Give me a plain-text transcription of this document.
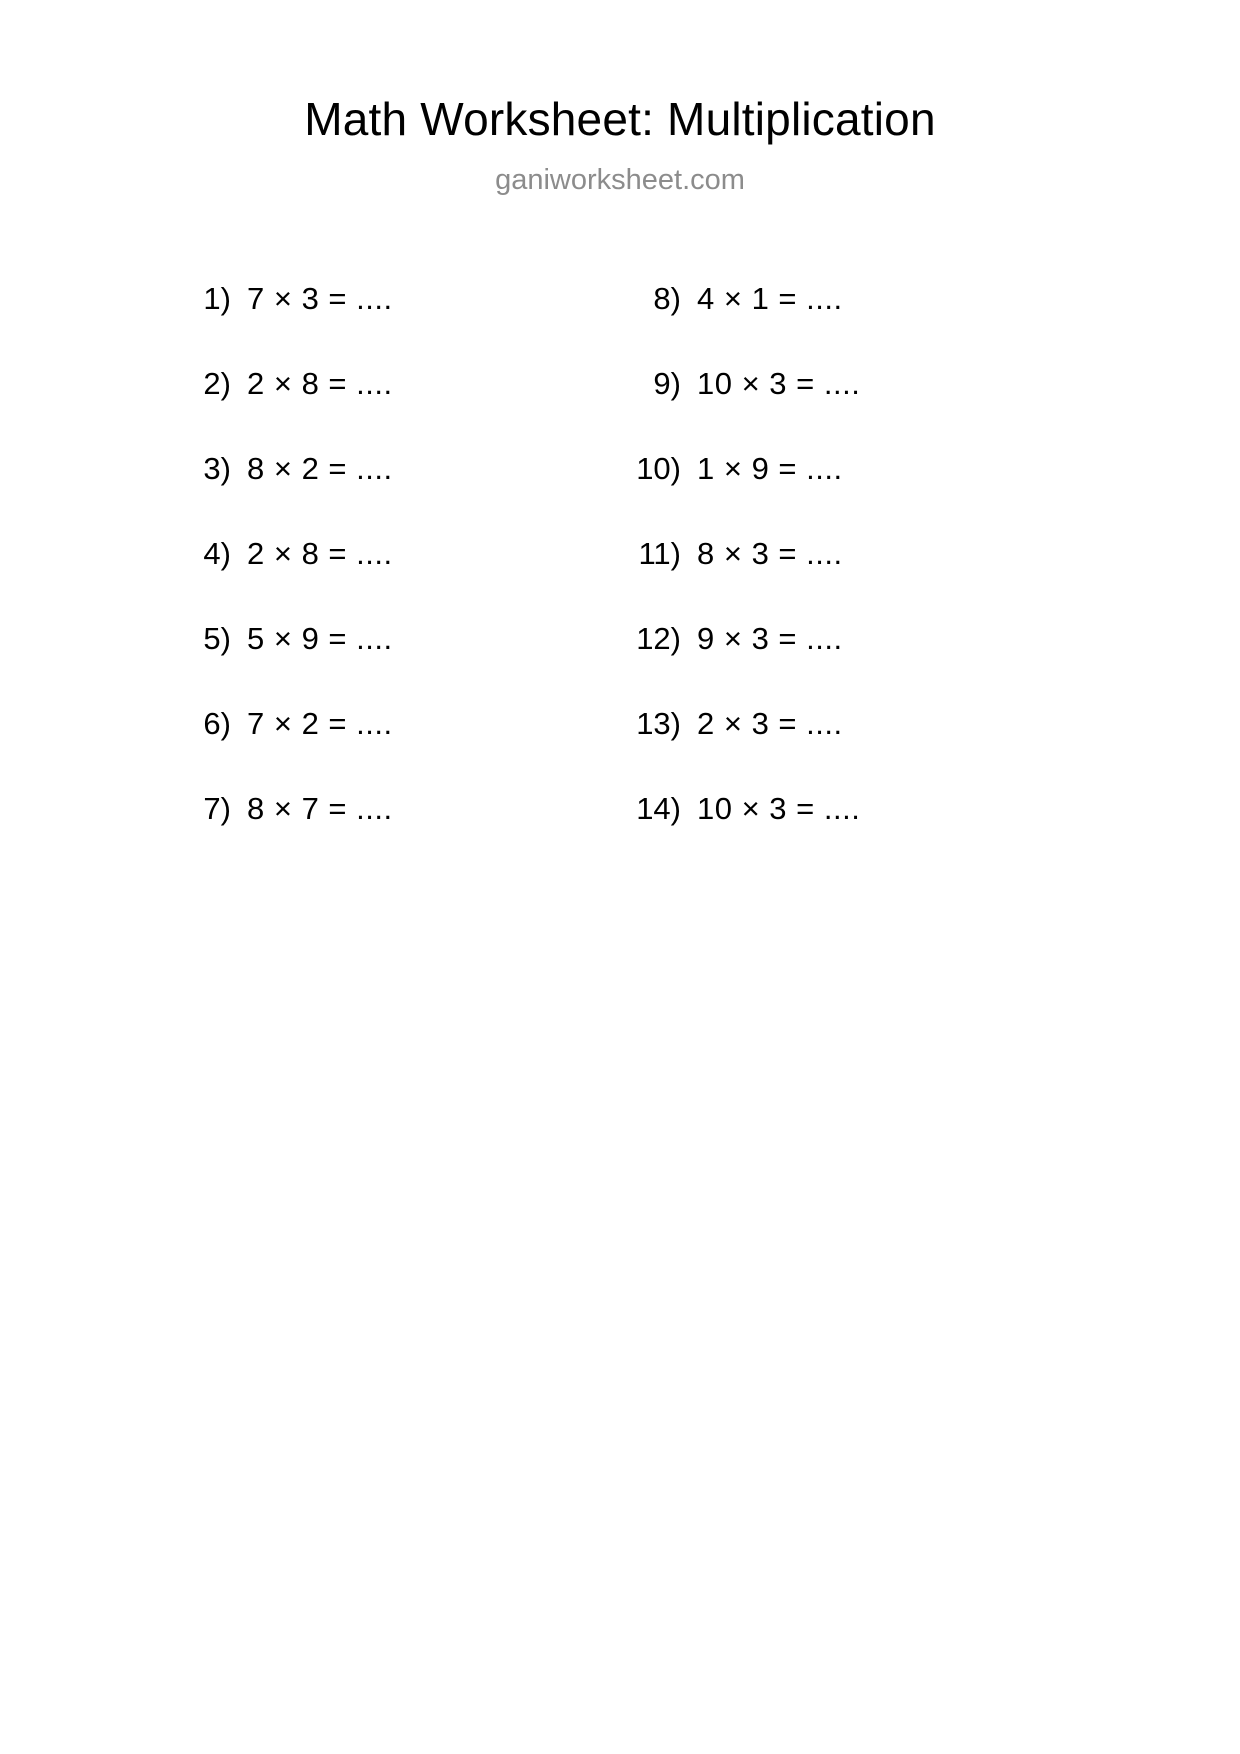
Math Worksheet: Multiplication
ganiworksheet.com
1) 7 × 3 = ....
2) 2 × 8 = ....
3) 8 × 2 = ....
4) 2 × 8 = ....
5) 5 × 9 = ....
6) 7 × 2 = ....
7) 8 × 7 = ....
8) 4 × 1 = ....
9) 10 × 3 = ....
10) 1 × 9 = ....
11) 8 × 3 = ....
12) 9 × 3 = ....
13) 2 × 3 = ....
14) 10 × 3 = ....
